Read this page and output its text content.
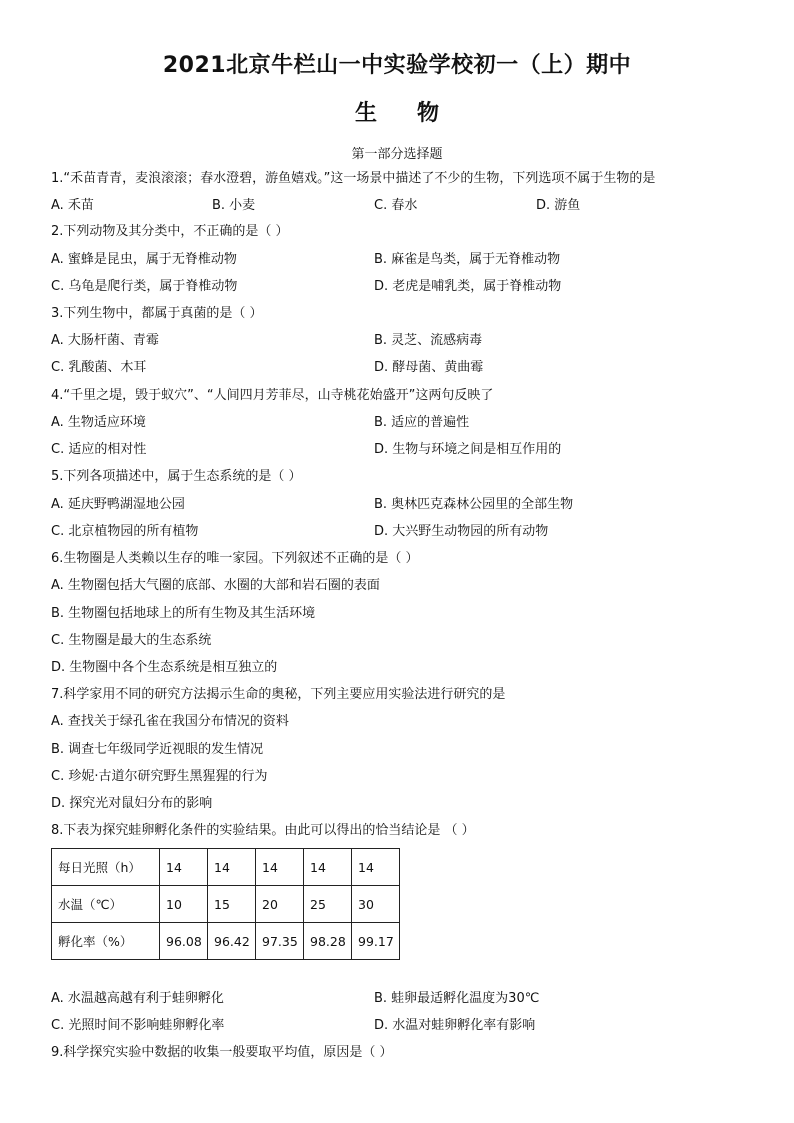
2021北京牛栏山一中实验学校初一（上）期中
生物
第一部分选择题
1.“禾苗青青，麦浪滚滚；春水澄碧，游鱼嬉戏。”这一场景中描述了不少的生物，下列选项不属于生物的是
A. 禾苗	B. 小麦	C. 春水	D. 游鱼
2.下列动物及其分类中，不正确的是（ ）
A. 蜜蜂是昆虫，属于无脊椎动物	B. 麻雀是鸟类，属于无脊椎动物
C. 乌龟是爬行类，属于脊椎动物	D. 老虎是哺乳类，属于脊椎动物
3.下列生物中，都属于真菌的是（ ）
A. 大肠杆菌、青霉	B. 灵芝、流感病毒
C. 乳酸菌、木耳	D. 酵母菌、黄曲霉
4.“千里之堤，毁于蚁穴”、“人间四月芳菲尽，山寺桃花始盛开”这两句反映了
A. 生物适应环境	B. 适应的普遍性
C. 适应的相对性	D. 生物与环境之间是相互作用的
5.下列各项描述中，属于生态系统的是（ ）
A. 延庆野鸭湖湿地公园	B. 奥林匹克森林公园里的全部生物
C. 北京植物园的所有植物	D. 大兴野生动物园的所有动物
6.生物圈是人类赖以生存的唯一家园。下列叙述不正确的是（ ）
A. 生物圈包括大气圈的底部、水圈的大部和岩石圈的表面
B. 生物圈包括地球上的所有生物及其生活环境
C. 生物圈是最大的生态系统
D. 生物圈中各个生态系统是相互独立的
7.科学家用不同的研究方法揭示生命的奥秘，下列主要应用实验法进行研究的是
A. 查找关于绿孔雀在我国分布情况的资料
B. 调查七年级同学近视眼的发生情况
C. 珍妮·古道尔研究野生黑猩猩的行为
D. 探究光对鼠妇分布的影响
8.下表为探究蛙卵孵化条件的实验结果。由此可以得出的恰当结论是 （ ）
每日光照（h）	14	14	14	14	14
水温（℃）	10	15	20	25	30
孵化率（%）	96.08	96.42	97.35	98.28	99.17
A. 水温越高越有利于蛙卵孵化	B. 蛙卵最适孵化温度为30℃
C. 光照时间不影响蛙卵孵化率	D. 水温对蛙卵孵化率有影响
9.科学探究实验中数据的收集一般要取平均值，原因是（ ）
